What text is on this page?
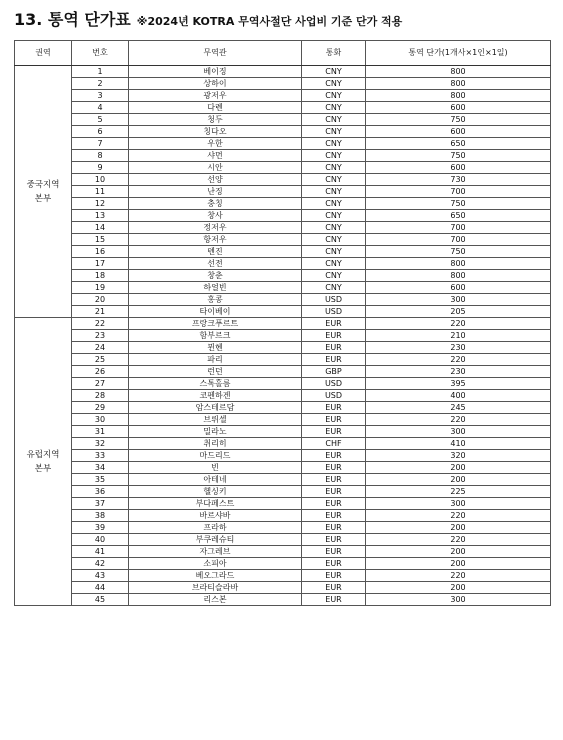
13. 통역 단가표 ※2024년 KOTRA 무역사절단 사업비 기준 단가 적용
권역	번호	무역관	통화	통역 단가(1개사×1인×1일)

중국지역
본부	1	베이징	CNY	800
	2	상하이	CNY	800
	3	광저우	CNY	800
	4	다롄	CNY	600
	5	청두	CNY	750
	6	칭다오	CNY	600
	7	우한	CNY	650
	8	샤먼	CNY	750
	9	시안	CNY	600
	10	선양	CNY	730
	11	난징	CNY	700
	12	충칭	CNY	750
	13	창사	CNY	650
	14	정저우	CNY	700
	15	항저우	CNY	700
	16	톈진	CNY	750
	17	선전	CNY	800
	18	창춘	CNY	800
	19	하얼빈	CNY	600
	20	홍콩	USD	300
	21	타이베이	USD	205

유럽지역
본부	22	프랑크푸르트	EUR	220
	23	함부르크	EUR	210
	24	뮌헨	EUR	230
	25	파리	EUR	220
	26	런던	GBP	230
	27	스톡홀름	USD	395
	28	코펜하겐	USD	400
	29	암스테르담	EUR	245
	30	브뤼셀	EUR	220
	31	밀라노	EUR	300
	32	취리히	CHF	410
	33	마드리드	EUR	320
	34	빈	EUR	200
	35	아테네	EUR	200
	36	헬싱키	EUR	225
	37	부다페스트	EUR	300
	38	바르샤바	EUR	220
	39	프라하	EUR	200
	40	부쿠레슈티	EUR	220
	41	자그레브	EUR	200
	42	소피아	EUR	200
	43	베오그라드	EUR	220
	44	브라티슬라바	EUR	200
	45	리스본	EUR	300
